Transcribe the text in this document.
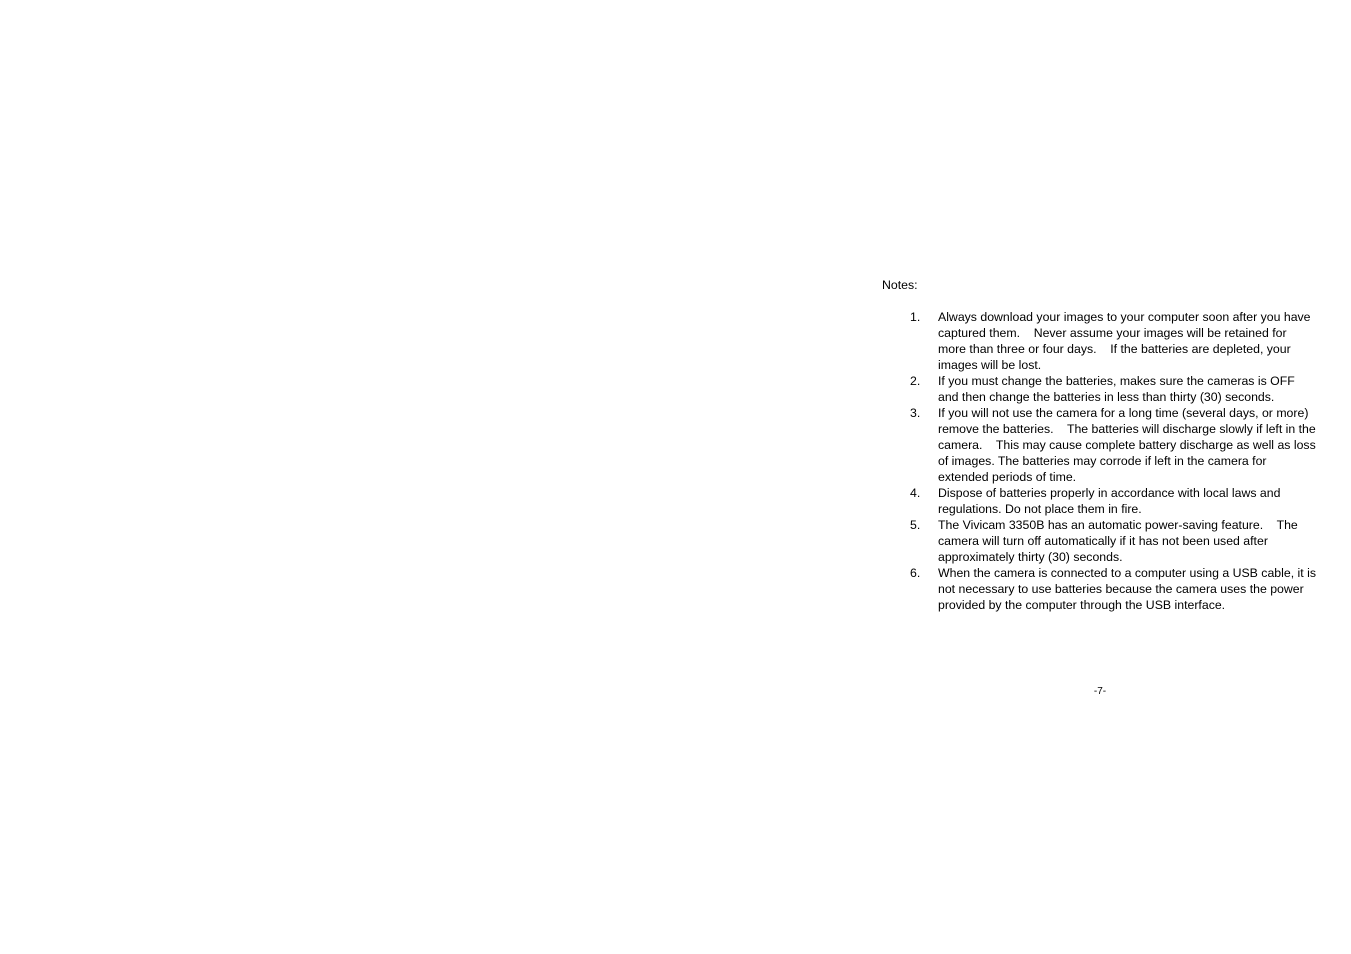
Notes:
1.	Always download your images to your computer soon after you have captured them.    Never assume your images will be retained for more than three or four days.    If the batteries are depleted, your images will be lost.
2.	If you must change the batteries, makes sure the cameras is OFF and then change the batteries in less than thirty (30) seconds.
3.	If you will not use the camera for a long time (several days, or more) remove the batteries.    The batteries will discharge slowly if left in the camera.    This may cause complete battery discharge as well as loss of images. The batteries may corrode if left in the camera for extended periods of time.
4.	Dispose of batteries properly in accordance with local laws and regulations. Do not place them in fire.
5.	The Vivicam 3350B has an automatic power-saving feature.    The camera will turn off automatically if it has not been used after approximately thirty (30) seconds.
6.	When the camera is connected to a computer using a USB cable, it is not necessary to use batteries because the camera uses the power provided by the computer through the USB interface.
-7-
